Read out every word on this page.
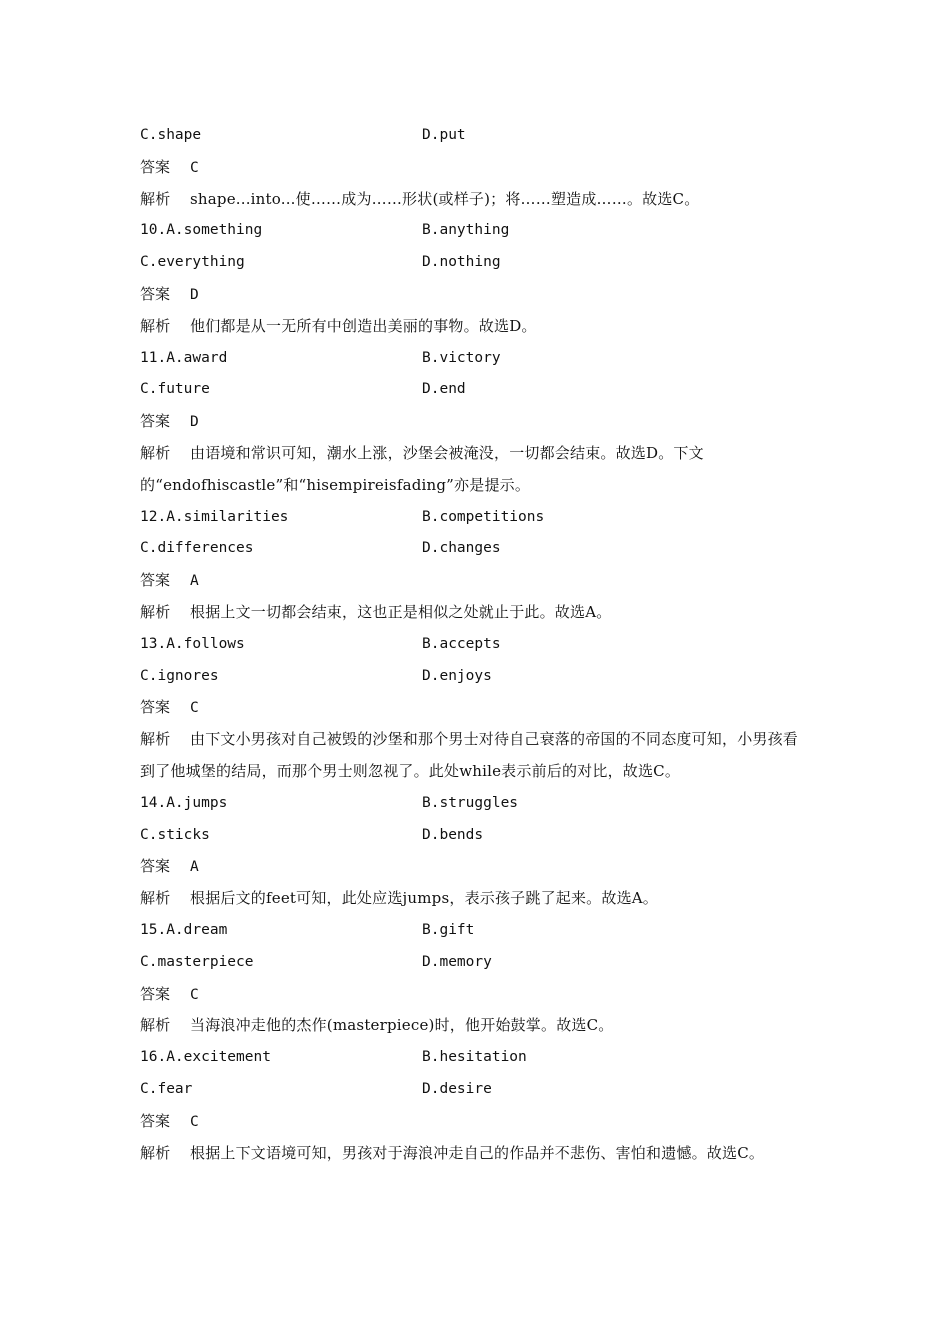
C.shape	D.put
答案 C
解析 shape...into...使……成为……形状(或样子)；将……塑造成……。故选C。
10.A.something	B.anything
C.everything	D.nothing
答案 D
解析 他们都是从一无所有中创造出美丽的事物。故选D。
11.A.award	B.victory
C.future	D.end
答案 D
解析 由语境和常识可知，潮水上涨，沙堡会被淹没，一切都会结束。故选D。下文的“endofhiscastle”和“hisempireisfading”亦是提示。
12.A.similarities	B.competitions
C.differences	D.changes
答案 A
解析 根据上文一切都会结束，这也正是相似之处就止于此。故选A。
13.A.follows	B.accepts
C.ignores	D.enjoys
答案 C
解析 由下文小男孩对自己被毁的沙堡和那个男士对待自己衰落的帝国的不同态度可知，小男孩看到了他城堡的结局，而那个男士则忽视了。此处while表示前后的对比，故选C。
14.A.jumps	B.struggles
C.sticks	D.bends
答案 A
解析 根据后文的feet可知，此处应选jumps，表示孩子跳了起来。故选A。
15.A.dream	B.gift
C.masterpiece	D.memory
答案 C
解析 当海浪冲走他的杰作(masterpiece)时，他开始鼓掌。故选C。
16.A.excitement	B.hesitation
C.fear	D.desire
答案 C
解析 根据上下文语境可知，男孩对于海浪冲走自己的作品并不悲伤、害怕和遗憾。故选C。
